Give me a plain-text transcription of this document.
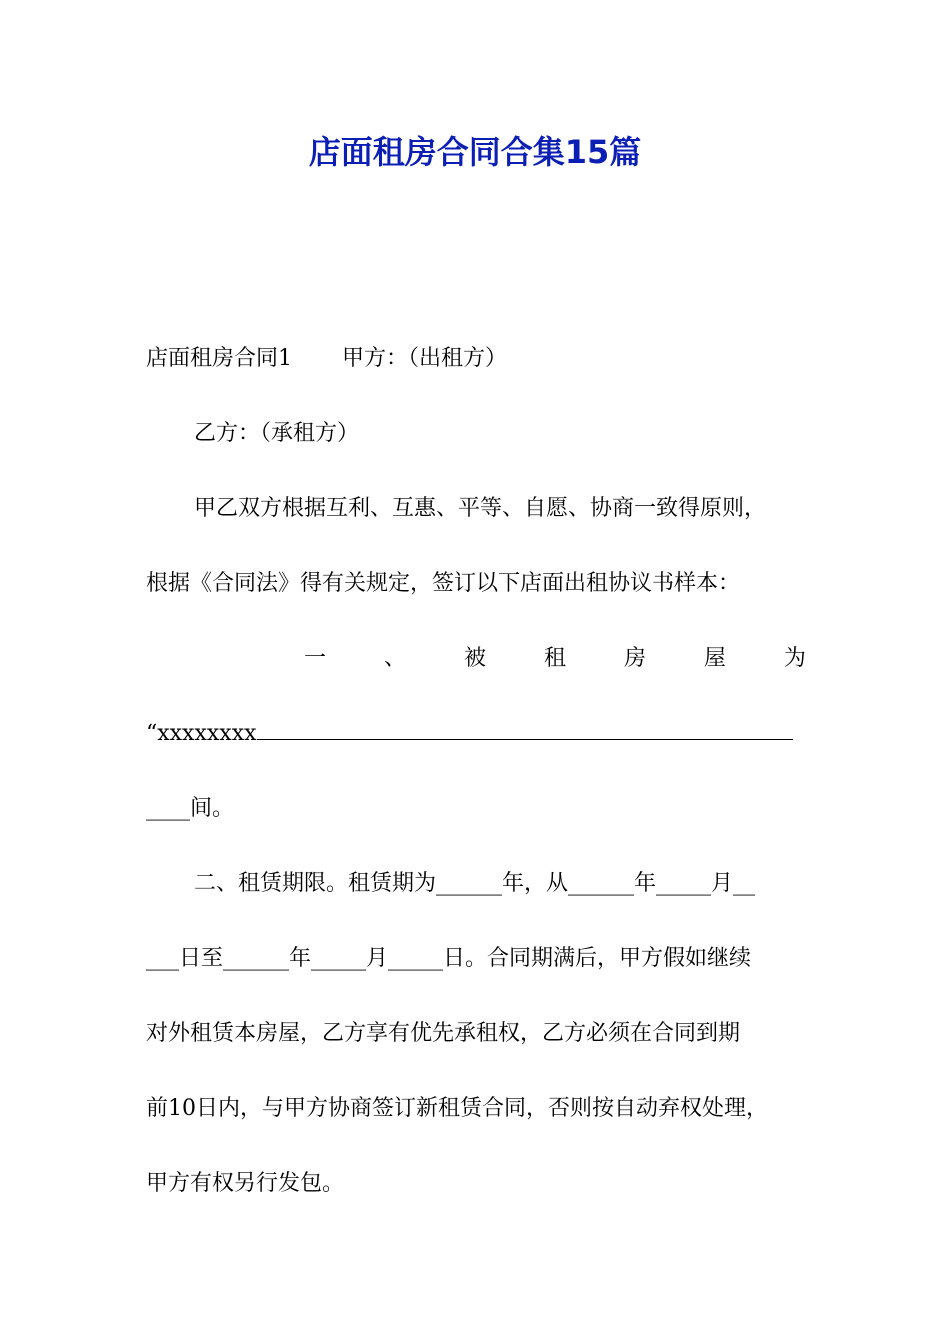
店面租房合同合集15篇
店面租房合同1 甲方：（出租方）
乙方：（承租方）
甲乙双方根据互利、互惠、平等、自愿、协商一致得原则，
根据《合同法》得有关规定，签订以下店面出租协议书样本：
一	、	被	租	房	屋	为
“xxxxxxxx
____间。
二、租赁期限。租赁期为______年，从______年_____月__
___日至______年_____月_____日。合同期满后，甲方假如继续
对外租赁本房屋，乙方享有优先承租权，乙方必须在合同到期
前10日内，与甲方协商签订新租赁合同，否则按自动弃权处理，
甲方有权另行发包。
